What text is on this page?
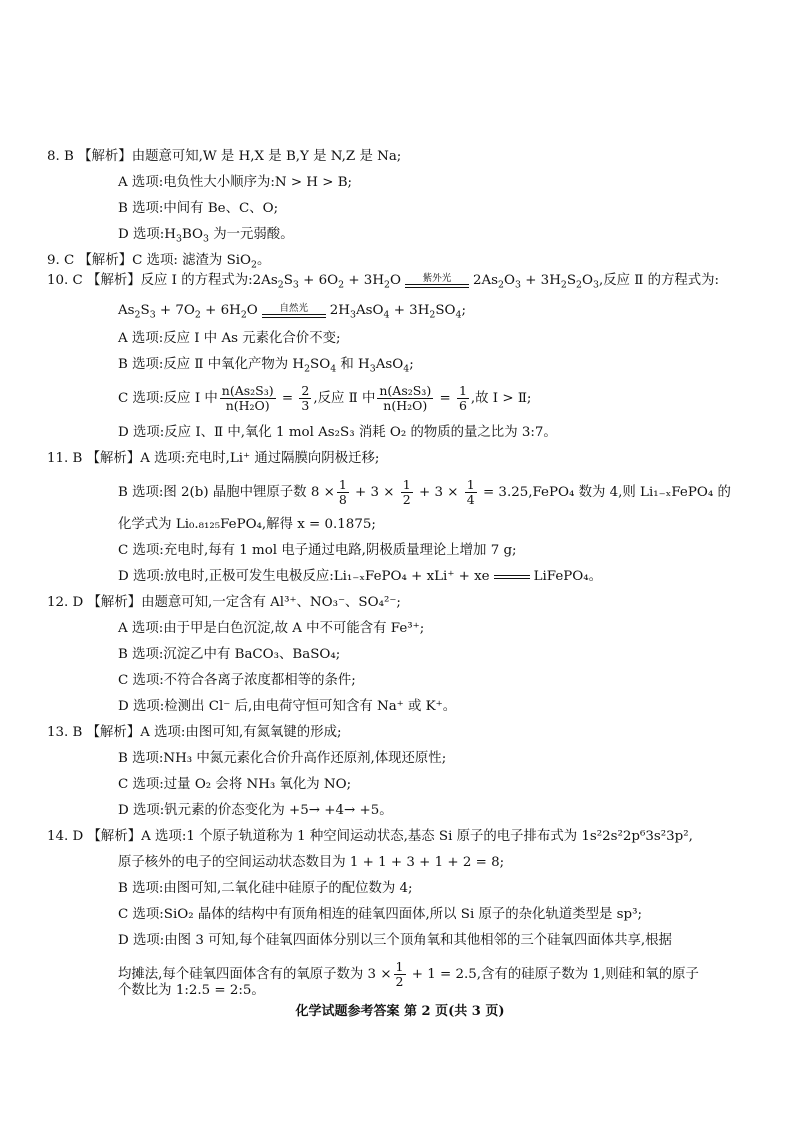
8. B 【解析】由题意可知,W 是 H,X 是 B,Y 是 N,Z 是 Na;
A 选项:电负性大小顺序为:N > H > B;
B 选项:中间有 Be、C、O;
D 选项$:H_3BO_3$ 为一元弱酸。
9. C 【解析】C 选项: 滤渣为 SiO$_2$。
10. C 【解析】反应 Ⅰ 的方程式为$:2As_2S_3 + 6O_2 + 3H_2O$	紫外光	$2As_2O_3 + 3H_2S_2O_3$,反应 Ⅱ 的方程式为:
$As_2S_3 + 7O_2 + 6H_2O$	自然光	$2H_3AsO_4 + 3H_2SO_4$;
A 选项:反应 Ⅰ 中 As 元素化合价不变;
B 选项:反应 Ⅱ 中氧化产物为 $H_2SO_4$ 和 $H_3AsO_4$;
C 选项:反应 Ⅰ 中 $\frac{\text{n(As₂S₃)}}{\text{n(H₂O)}} = \frac{2}{3}$ ,反应 Ⅱ 中 $\frac{\text{n(As₂S₃)}}{\text{n(H₂O)}} = \frac{1}{6}$ ,故 Ⅰ > Ⅱ;
D 选项:反应 Ⅰ、Ⅱ 中,氧化 1 mol As₂S₃ 消耗 O₂ 的物质的量之比为 3:7。
11. B 【解析】A 选项:充电时,Li⁺ 通过隔膜向阴极迁移;
B 选项:图 2(b) 晶胞中锂原子数 $8 \times \frac{1}{8} + 3 \times \frac{1}{2} + 3 \times \frac{1}{4}$ = 3.25,FePO₄ 数为 4,则 Li₁₋ₓFePO₄ 的
化学式为 Li₀.₈₁₂₅FePO₄,解得 x = 0.1875;
C 选项:充电时,每有 1 mol 电子通过电路,阴极质量理论上增加 7 g;
D 选项:放电时,正极可发生电极反应:Li₁₋ₓFePO₄ + xLi⁺ + xe	LiFePO₄。
12. D 【解析】由题意可知,一定含有 Al³⁺、NO₃⁻、SO₄²⁻;
A 选项:由于甲是白色沉淀,故 A 中不可能含有 Fe³⁺;
B 选项:沉淀乙中有 BaCO₃、BaSO₄;
C 选项:不符合各离子浓度都相等的条件;
D 选项:检测出 Cl⁻ 后,由电荷守恒可知含有 Na⁺ 或 K⁺。
13. B 【解析】A 选项:由图可知,有氮氧键的形成;
B 选项:NH₃ 中氮元素化合价升高作还原剂,体现还原性;
C 选项:过量 O₂ 会将 NH₃ 氧化为 NO;
D 选项:钒元素的价态变化为 +5→ +4→ +5。
14. D 【解析】A 选项:1 个原子轨道称为 1 种空间运动状态,基态 Si 原子的电子排布式为 1s²2s²2p⁶3s²3p²,
原子核外的电子的空间运动状态数目为 1 + 1 + 3 + 1 + 2 = 8;
B 选项:由图可知,二氧化硅中硅原子的配位数为 4;
C 选项:SiO₂ 晶体的结构中有顶角相连的硅氧四面体,所以 Si 原子的杂化轨道类型是 sp³;
D 选项:由图 3 可知,每个硅氧四面体分别以三个顶角氧和其他相邻的三个硅氧四面体共享,根据
均摊法,每个硅氧四面体含有的氧原子数为 $3 \times \frac{1}{2} + 1 = 2.5$,含有的硅原子数为 1,则硅和氧的原子
个数比为 1:2.5 = 2:5。
化学试题参考答案 第 2 页(共 3 页)
